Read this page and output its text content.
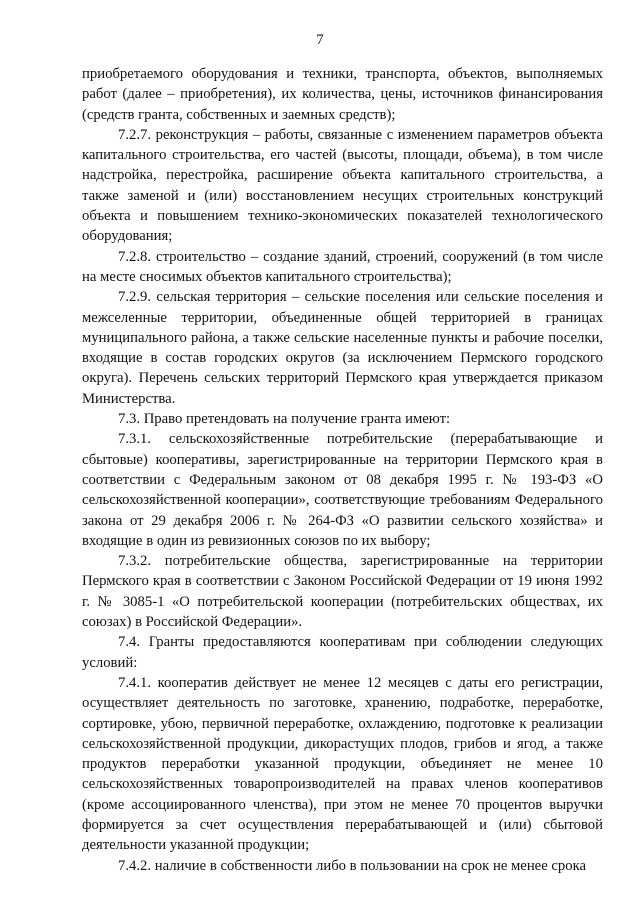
7

приобретаемого оборудования и техники, транспорта, объектов, выполняемых работ (далее – приобретения), их количества, цены, источников финансирования (средств гранта, собственных и заемных средств);

7.2.7. реконструкция – работы, связанные с изменением параметров объекта капитального строительства, его частей (высоты, площади, объема), в том числе надстройка, перестройка, расширение объекта капитального строительства, а также заменой и (или) восстановлением несущих строительных конструкций объекта и повышением технико-экономических показателей технологического оборудования;

7.2.8. строительство – создание зданий, строений, сооружений (в том числе на месте сносимых объектов капитального строительства);

7.2.9. сельская территория – сельские поселения или сельские поселения и межселенные территории, объединенные общей территорией в границах муниципального района, а также сельские населенные пункты и рабочие поселки, входящие в состав городских округов (за исключением Пермского городского округа). Перечень сельских территорий Пермского края утверждается приказом Министерства.

7.3. Право претендовать на получение гранта имеют:

7.3.1. сельскохозяйственные потребительские (перерабатывающие и сбытовые) кооперативы, зарегистрированные на территории Пермского края в соответствии с Федеральным законом от 08 декабря 1995 г. № 193-ФЗ «О сельскохозяйственной кооперации», соответствующие требованиям Федерального закона от 29 декабря 2006 г. № 264-ФЗ «О развитии сельского хозяйства» и входящие в один из ревизионных союзов по их выбору;

7.3.2. потребительские общества, зарегистрированные на территории Пермского края в соответствии с Законом Российской Федерации от 19 июня 1992 г. № 3085-1 «О потребительской кооперации (потребительских обществах, их союзах) в Российской Федерации».

7.4. Гранты предоставляются кооперативам при соблюдении следующих условий:

7.4.1. кооператив действует не менее 12 месяцев с даты его регистрации, осуществляет деятельность по заготовке, хранению, подработке, переработке, сортировке, убою, первичной переработке, охлаждению, подготовке к реализации сельскохозяйственной продукции, дикорастущих плодов, грибов и ягод, а также продуктов переработки указанной продукции, объединяет не менее 10 сельскохозяйственных товаропроизводителей на правах членов кооперативов (кроме ассоциированного членства), при этом не менее 70 процентов выручки формируется за счет осуществления перерабатывающей и (или) сбытовой деятельности указанной продукции;

7.4.2. наличие в собственности либо в пользовании на срок не менее срока
